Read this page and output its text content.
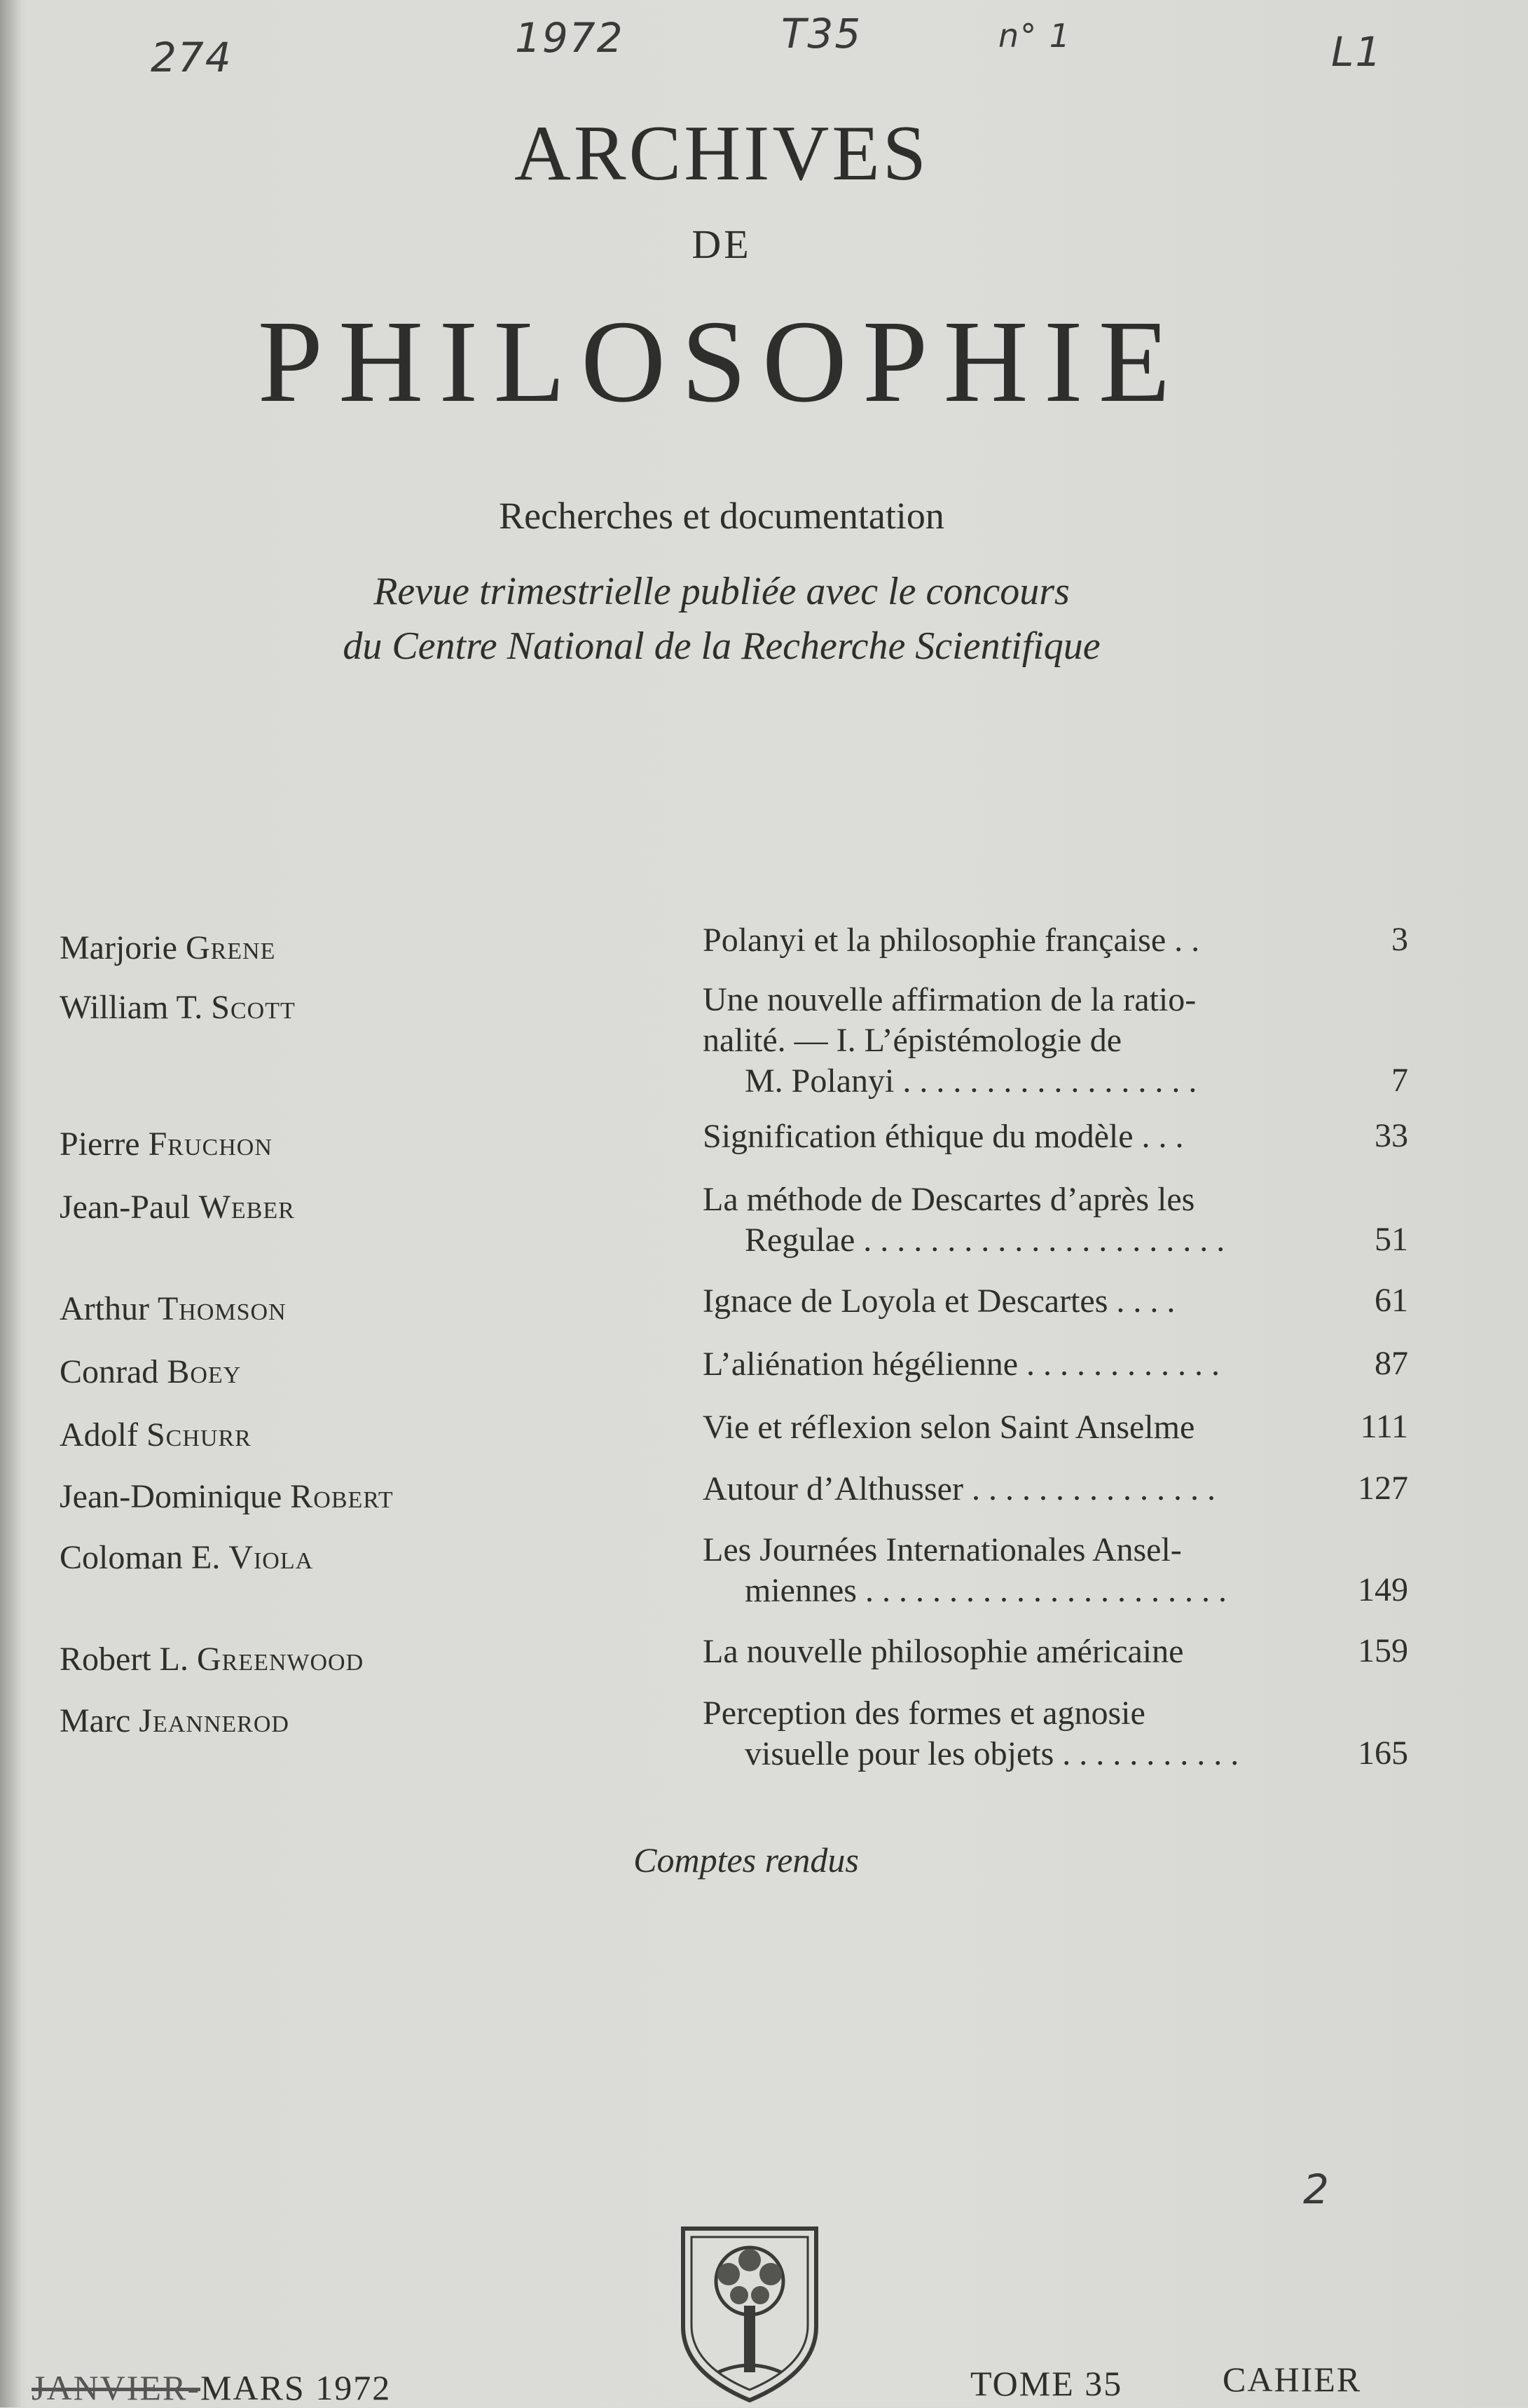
274	1972	T35	n° 1	L1
2
ARCHIVES
DE
PHILOSOPHIE
Recherches et documentation
Revue trimestrielle publiée avec le concours
du Centre National de la Recherche Scientifique
Marjorie Grene	Polanyi et la philosophie française . .	3
William T. Scott	Une nouvelle affirmation de la ratio-
nalité. — I. L’épistémologie de
M. Polanyi . . . . . . . . . . . . . . . . . .	7
Pierre Fruchon	Signification éthique du modèle . . .	33
Jean-Paul Weber	La méthode de Descartes d’après les
Regulae . . . . . . . . . . . . . . . . . . . . . .	51
Arthur Thomson	Ignace de Loyola et Descartes . . . .	61
Conrad Boey	L’aliénation hégélienne . . . . . . . . . . . .	87
Adolf Schurr	Vie et réflexion selon Saint Anselme	111
Jean-Dominique Robert	Autour d’Althusser . . . . . . . . . . . . . . .	127
Coloman E. Viola	Les Journées Internationales Ansel-
miennes . . . . . . . . . . . . . . . . . . . . . .	149
Robert L. Greenwood	La nouvelle philosophie américaine	159
Marc Jeannerod	Perception des formes et agnosie
visuelle pour les objets . . . . . . . . . . .	165
Comptes rendus
JANVIER-MARS 1972	TOME 35	CAHIER
